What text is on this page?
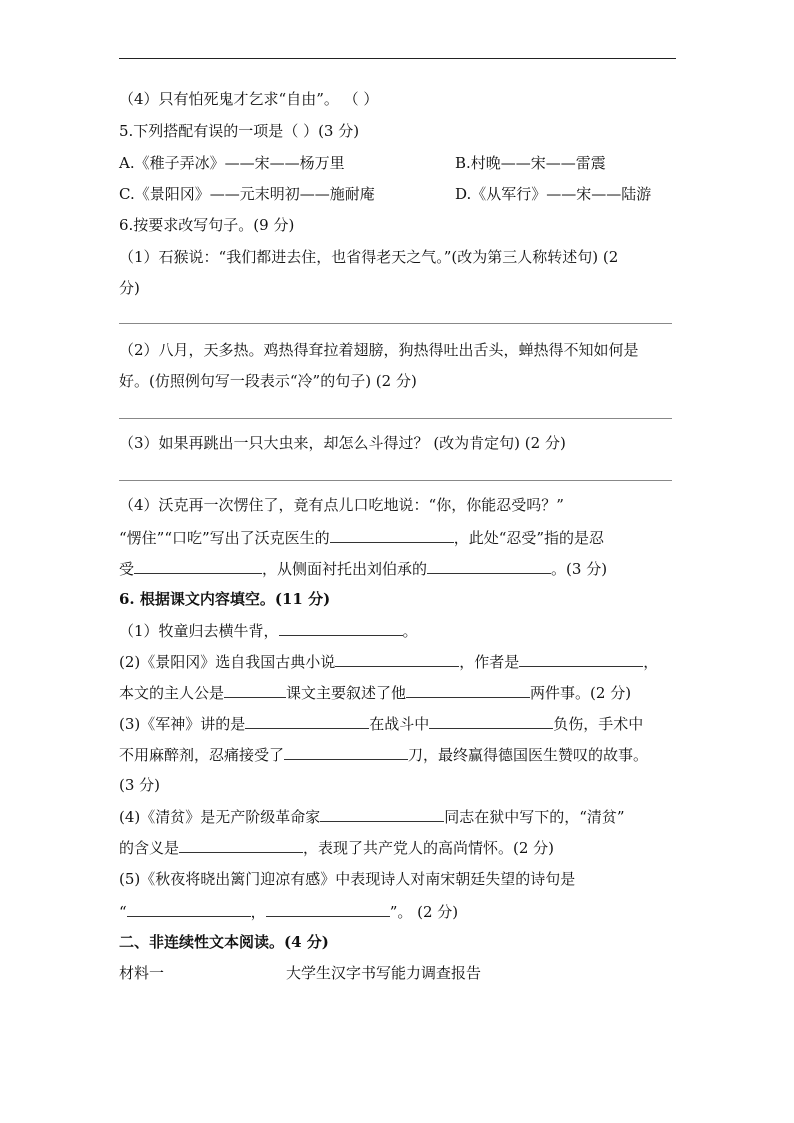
（4）只有怕死鬼才乞求“自由”。 （ ）
5.下列搭配有误的一项是（ ）(3 分)
A.《稚子弄冰》——宋——杨万里	B.村晚——宋——雷震
C.《景阳冈》——元末明初——施耐庵	D.《从军行》——宋——陆游
6.按要求改写句子。(9 分)
（1）石猴说：“我们都进去住，也省得老天之气。”(改为第三人称转述句) (2
分)
（2）八月，天多热。鸡热得耷拉着翅膀，狗热得吐出舌头，蝉热得不知如何是
好。(仿照例句写一段表示“冷”的句子) (2 分)
（3）如果再跳出一只大虫来，却怎么斗得过？ (改为肯定句) (2 分)
（4）沃克再一次愣住了，竟有点儿口吃地说：“你，你能忍受吗？”
“愣住”“口吃”写出了沃克医生的	，此处“忍受”指的是忍
受	，从侧面衬托出刘伯承的	。(3 分)
6. 根据课文内容填空。(11 分)
（1）牧童归去横牛背，	。
(2)《景阳冈》选自我国古典小说	，作者是	，
本文的主人公是	课文主要叙述了他	两件事。(2 分)
(3)《军神》讲的是	在战斗中	负伤，手术中
不用麻醉剂，忍痛接受了	刀，最终赢得德国医生赞叹的故事。
(3 分)
(4)《清贫》是无产阶级革命家	同志在狱中写下的，“清贫”
的含义是	，表现了共产党人的高尚情怀。(2 分)
(5)《秋夜将晓出篱门迎凉有感》中表现诗人对南宋朝廷失望的诗句是
“	，	”。 (2 分)
二、非连续性文本阅读。(4 分)
材料一	大学生汉字书写能力调查报告
